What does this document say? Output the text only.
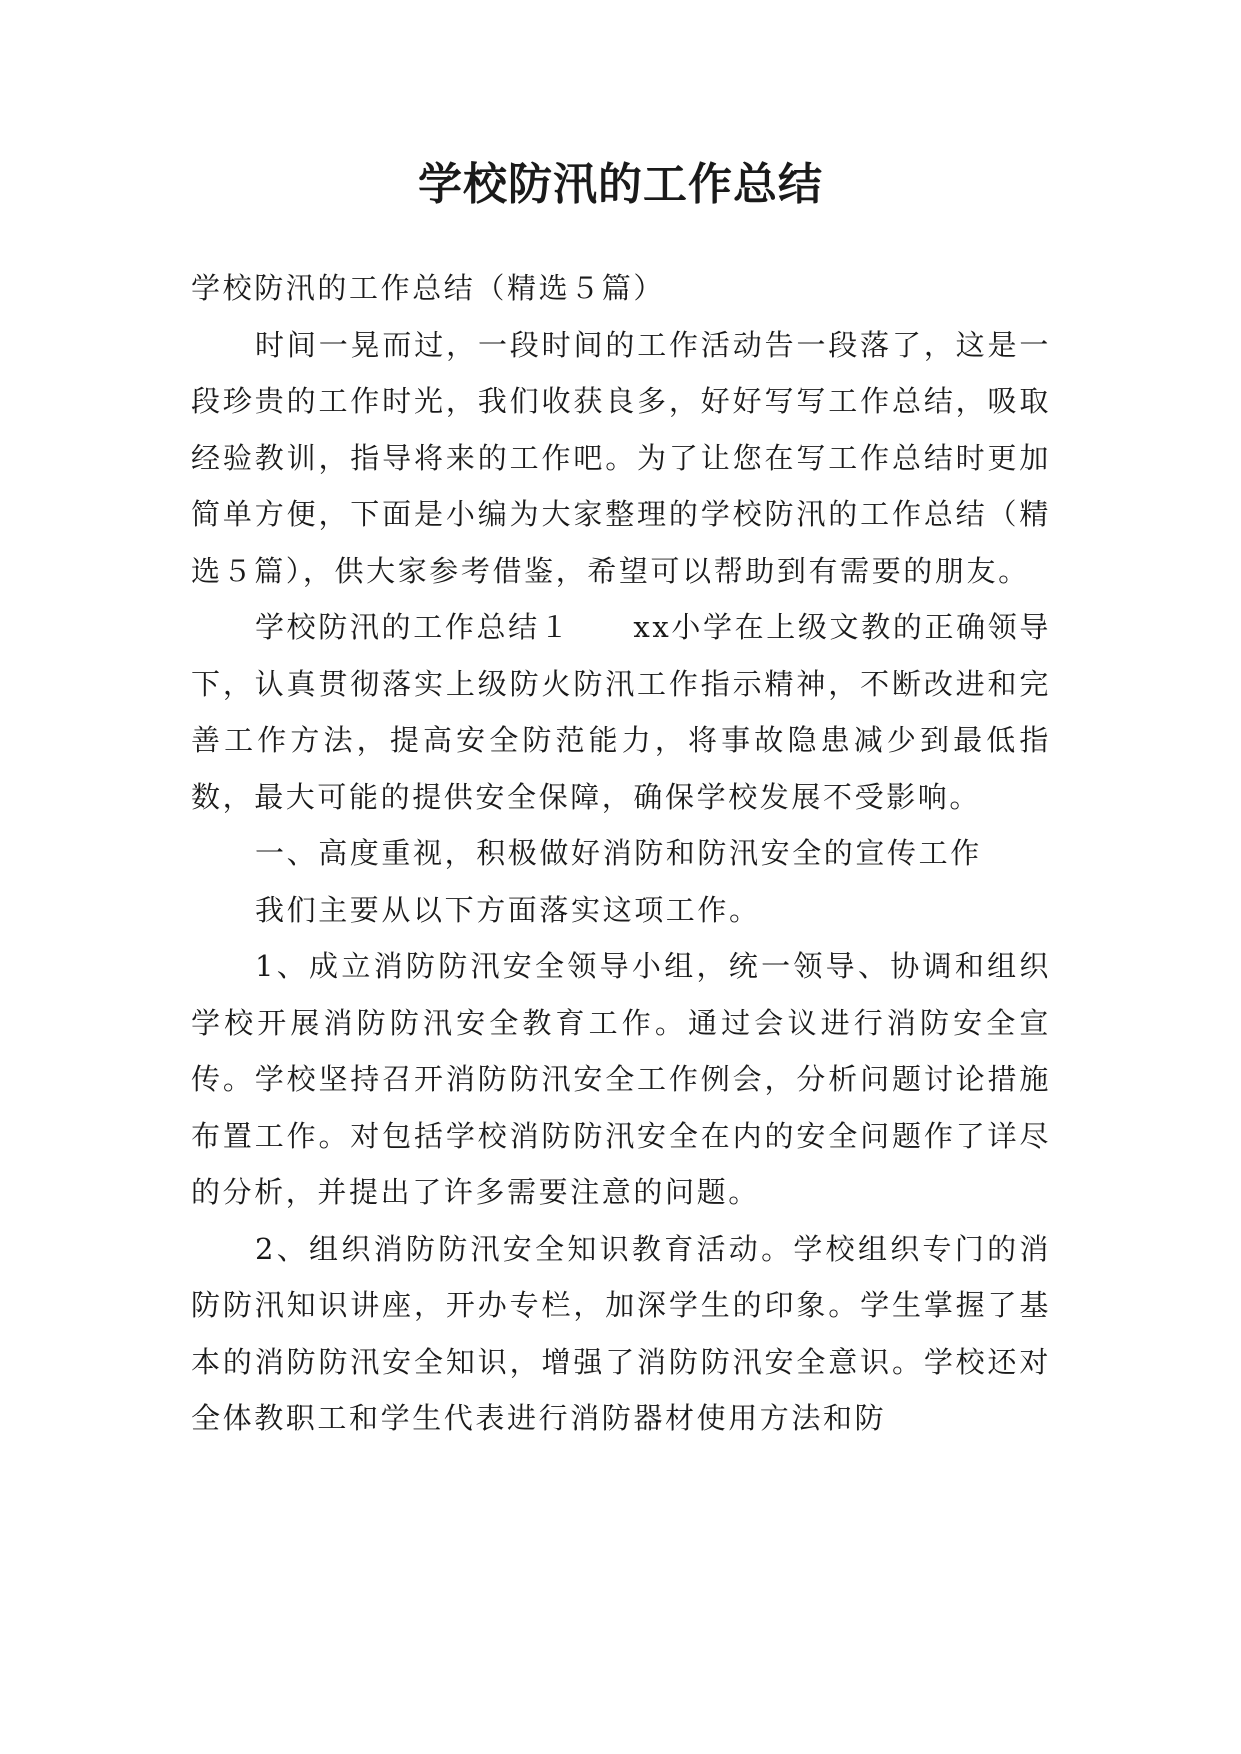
学校防汛的工作总结

学校防汛的工作总结（精选５篇）

时间一晃而过，一段时间的工作活动告一段落了，这是一段珍贵的工作时光，我们收获良多，好好写写工作总结，吸取经验教训，指导将来的工作吧。为了让您在写工作总结时更加简单方便，下面是小编为大家整理的学校防汛的工作总结（精选５篇），供大家参考借鉴，希望可以帮助到有需要的朋友。

学校防汛的工作总结１ xx小学在上级文教的正确领导下，认真贯彻落实上级防火防汛工作指示精神，不断改进和完善工作方法，提高安全防范能力，将事故隐患减少到最低指数，最大可能的提供安全保障，确保学校发展不受影响。

一、高度重视，积极做好消防和防汛安全的宣传工作

我们主要从以下方面落实这项工作。

1、成立消防防汛安全领导小组，统一领导、协调和组织学校开展消防防汛安全教育工作。通过会议进行消防安全宣传。学校坚持召开消防防汛安全工作例会，分析问题讨论措施布置工作。对包括学校消防防汛安全在内的安全问题作了详尽的分析，并提出了许多需要注意的问题。

2、组织消防防汛安全知识教育活动。学校组织专门的消防防汛知识讲座，开办专栏，加深学生的印象。学生掌握了基本的消防防汛安全知识，增强了消防防汛安全意识。学校还对全体教职工和学生代表进行消防器材使用方法和防
